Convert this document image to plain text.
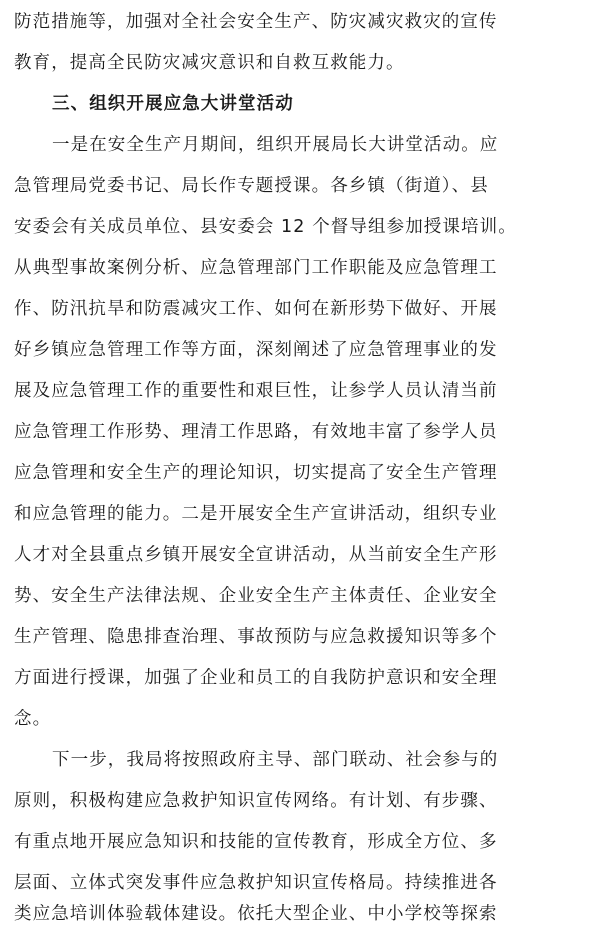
防范措施等，加强对全社会安全生产、防灾减灾救灾的宣传
教育，提高全民防灾减灾意识和自救互救能力。
三、组织开展应急大讲堂活动
一是在安全生产月期间，组织开展局长大讲堂活动。应
急管理局党委书记、局长作专题授课。各乡镇（街道）、县
安委会有关成员单位、县安委会 12 个督导组参加授课培训。
从典型事故案例分析、应急管理部门工作职能及应急管理工
作、防汛抗旱和防震减灾工作、如何在新形势下做好、开展
好乡镇应急管理工作等方面，深刻阐述了应急管理事业的发
展及应急管理工作的重要性和艰巨性，让参学人员认清当前
应急管理工作形势、理清工作思路，有效地丰富了参学人员
应急管理和安全生产的理论知识，切实提高了安全生产管理
和应急管理的能力。二是开展安全生产宣讲活动，组织专业
人才对全县重点乡镇开展安全宣讲活动，从当前安全生产形
势、安全生产法律法规、企业安全生产主体责任、企业安全
生产管理、隐患排查治理、事故预防与应急救援知识等多个
方面进行授课，加强了企业和员工的自我防护意识和安全理
念。
下一步，我局将按照政府主导、部门联动、社会参与的
原则，积极构建应急救护知识宣传网络。有计划、有步骤、
有重点地开展应急知识和技能的宣传教育，形成全方位、多
层面、立体式突发事件应急救护知识宣传格局。持续推进各
类应急培训体验载体建设。依托大型企业、中小学校等探索
